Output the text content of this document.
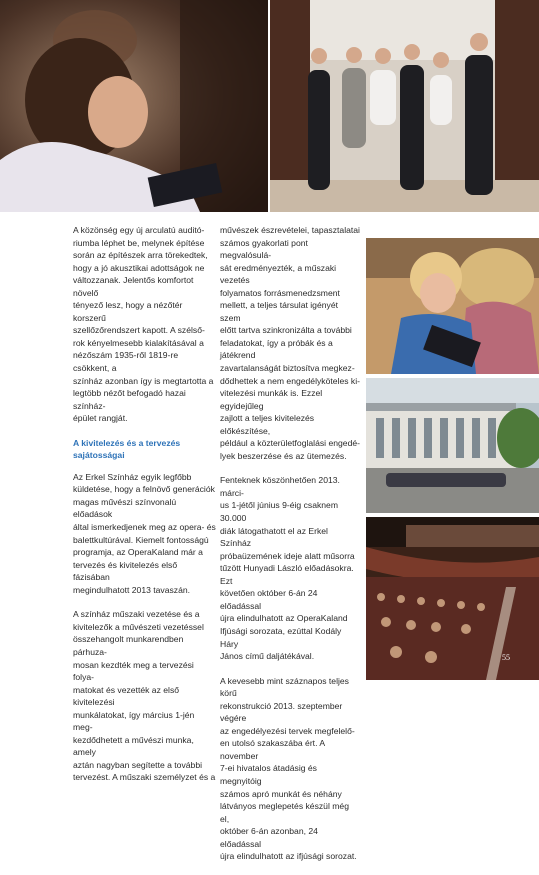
A közönség egy új arculatú auditó-
riumba léphet be, melynek építése
során az építészek arra törekedtek,
hogy a jó akusztikai adottságok ne
változzanak. Jelentős komfortot növelő
tényező lesz, hogy a nézőtér korszerű
szellőzőrendszert kapott. A szélső-
rok kényelmesebb kialakításával a
nézőszám 1935-ről 1819-re csökkent, a
színház azonban így is megtartotta a
legtöbb nézőt befogadó hazai színház-
épület rangját.

A kivitelezés és a tervezés
sajátosságai

Az Erkel Színház egyik legfőbb
küldetése, hogy a felnövő generációk
magas művészi színvonalú előadások
által ismerkedjenek meg az opera- és
balettkultúrával. Kiemelt fontosságú
programja, az OperaKaland már a
tervezés és kivitelezés első fázisában
megindulhatott 2013 tavaszán.

A színház műszaki vezetése és a
kivitelezők a művészeti vezetéssel
összehangolt munkarendben párhuza-
mosan kezdték meg a tervezési folya-
matokat és vezették az első kivitelezési
munkálatokat, így március 1-jén meg-
kezdődhetett a művészi munka, amely
aztán nagyban segítette a további
tervezést. A műszaki személyzet és a

művészek észrevételei, tapasztalatai
számos gyakorlati pont megvalósulá-
sát eredményezték, a műszaki vezetés
folyamatos forrásmenedzsment
mellett, a teljes társulat igényét szem
előtt tartva szinkronizálta a további
feladatokat, így a próbák és a játékrend
zavartalanságát biztosítva megkez-
dődhettek a nem engedélyköteles ki-
vitelezési munkák is. Ezzel egyidejűleg
zajlott a teljes kivitelezés előkészítése,
például a közterületfoglalási engedé-
lyek beszerzése és az ütemezés.

Fenteknek köszönhetően 2013. márci-
us 1-jétől június 9-éig csaknem 30.000
diák látogathatott el az Erkel Színház
próbaüzemének ideje alatt műsorra
tűzött Hunyadi László előadásokra. Ezt
követően október 6-án 24 előadással
újra elindulhatott az OperaKaland
Ifjúsági sorozata, ezúttal Kodály Háry
János című daljátékával.

A kevesebb mint száznapos teljes körű
rekonstrukció 2013. szeptember végére
az engedélyezési tervek megfelelő-
en utolsó szakaszába ért. A november
7-ei hivatalos átadásig és megnyitóig
számos apró munkát és néhány
látványos meglepetés készül még el,
október 6-án azonban, 24 előadással
újra elindulhatott az ifjúsági sorozat.

55
